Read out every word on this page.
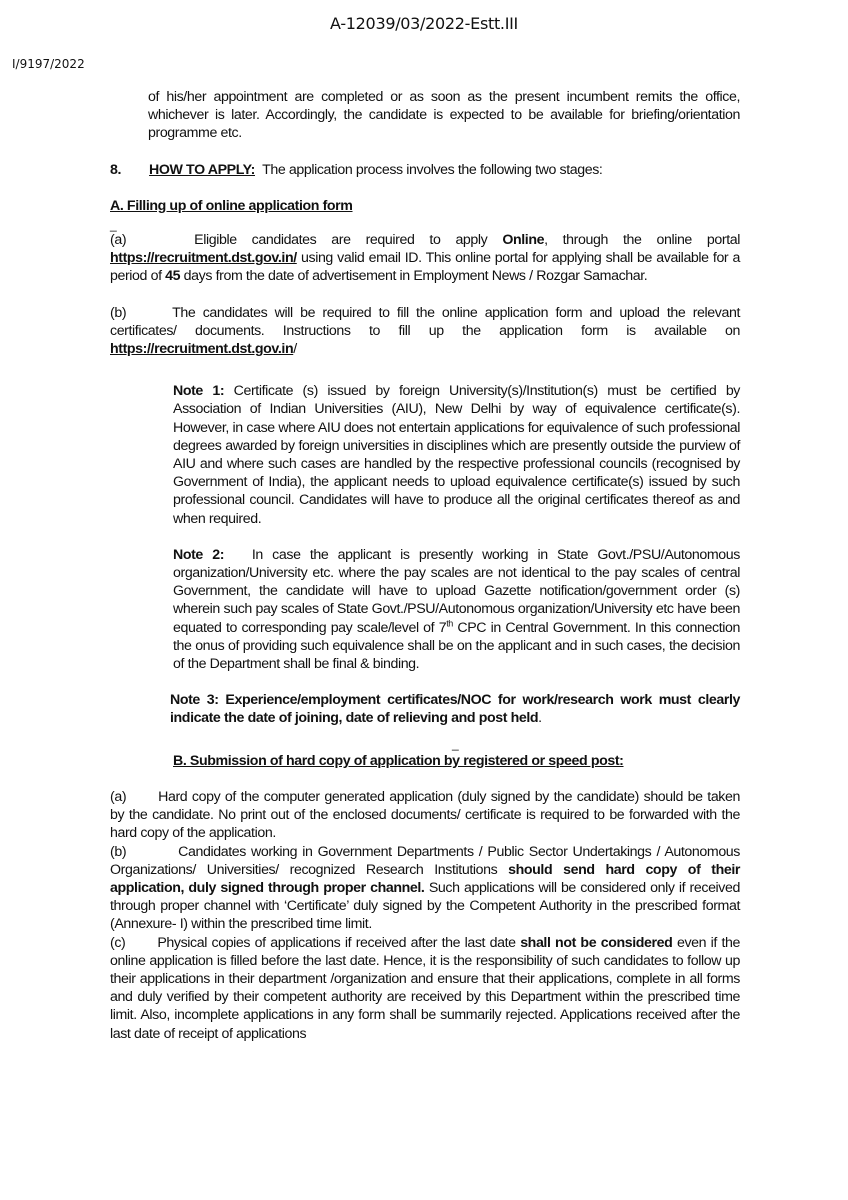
A-12039/03/2022-Estt.III
I/9197/2022
of his/her appointment are completed or as soon as the present incumbent remits the office, whichever is later. Accordingly, the candidate is expected to be available for briefing/orientation programme etc.
8. HOW TO APPLY: The application process involves the following two stages:
A. Filling up of online application form
_
(a)	Eligible candidates are required to apply Online, through the online portal https://recruitment.dst.gov.in/ using valid email ID. This online portal for applying shall be available for a period of 45 days from the date of advertisement in Employment News / Rozgar Samachar.
(b)	The candidates will be required to fill the online application form and upload the relevant certificates/ documents. Instructions to fill up the application form is available on https://recruitment.dst.gov.in/
Note 1: Certificate (s) issued by foreign University(s)/Institution(s) must be certified by Association of Indian Universities (AIU), New Delhi by way of equivalence certificate(s). However, in case where AIU does not entertain applications for equivalence of such professional degrees awarded by foreign universities in disciplines which are presently outside the purview of AIU and where such cases are handled by the respective professional councils (recognised by Government of India), the applicant needs to upload equivalence certificate(s) issued by such professional council. Candidates will have to produce all the original certificates thereof as and when required.
Note 2: In case the applicant is presently working in State Govt./PSU/Autonomous organization/University etc. where the pay scales are not identical to the pay scales of central Government, the candidate will have to upload Gazette notification/government order (s) wherein such pay scales of State Govt./PSU/Autonomous organization/University etc have been equated to corresponding pay scale/level of 7th CPC in Central Government. In this connection the onus of providing such equivalence shall be on the applicant and in such cases, the decision of the Department shall be final & binding.
Note 3: Experience/employment certificates/NOC for work/research work must clearly indicate the date of joining, date of relieving and post held.
_
B. Submission of hard copy of application by registered or speed post:
(a) Hard copy of the computer generated application (duly signed by the candidate) should be taken by the candidate. No print out of the enclosed documents/ certificate is required to be forwarded with the hard copy of the application.
(b)	Candidates working in Government Departments / Public Sector Undertakings / Autonomous Organizations/ Universities/ recognized Research Institutions should send hard copy of their application, duly signed through proper channel. Such applications will be considered only if received through proper channel with ‘Certificate’ duly signed by the Competent Authority in the prescribed format (Annexure- I) within the prescribed time limit.
(c) Physical copies of applications if received after the last date shall not be considered even if the online application is filled before the last date. Hence, it is the responsibility of such candidates to follow up their applications in their department /organization and ensure that their applications, complete in all forms and duly verified by their competent authority are received by this Department within the prescribed time limit. Also, incomplete applications in any form shall be summarily rejected. Applications received after the last date of receipt of applications
